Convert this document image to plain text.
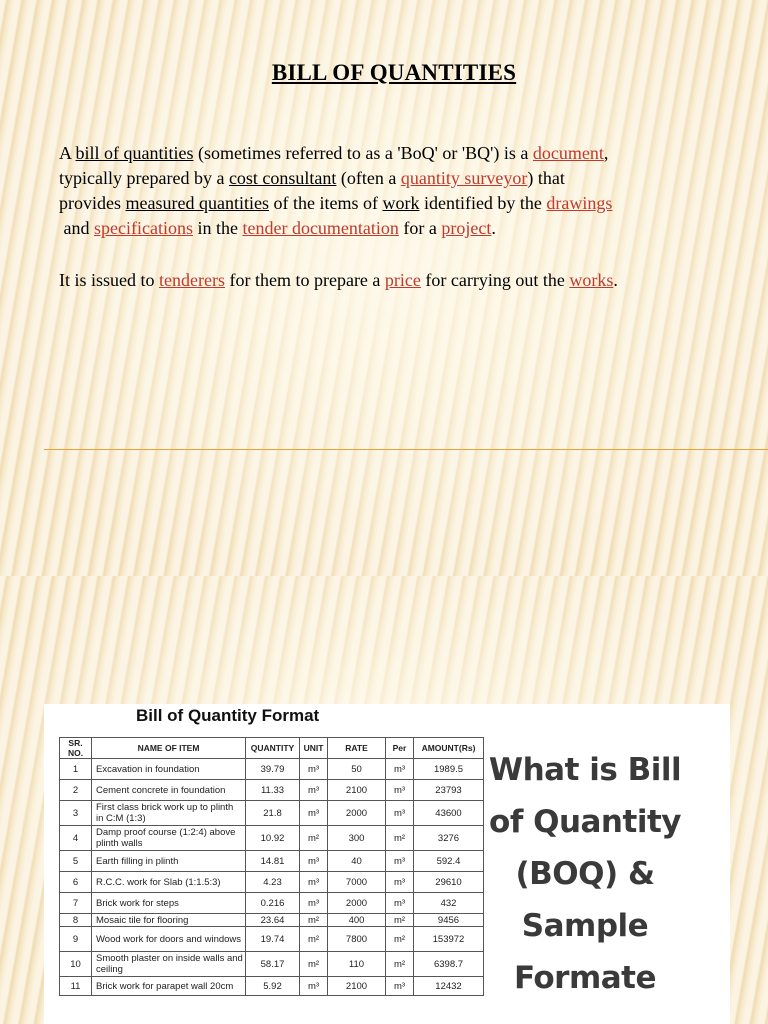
BILL OF QUANTITIES
A bill of quantities (sometimes referred to as a 'BoQ' or 'BQ') is a document,
typically prepared by a cost consultant (often a quantity surveyor) that
provides measured quantities of the items of work identified by the drawings
and specifications in the tender documentation for a project.
It is issued to tenderers for them to prepare a price for carrying out the works.
Bill of Quantity Format
SR. NO.	NAME OF ITEM	QUANTITY	UNIT	RATE	Per	AMOUNT(Rs)
1	Excavation in foundation	39.79	m³	50	m³	1989.5
2	Cement concrete in foundation	11.33	m³	2100	m³	23793
3	First class brick work up to plinth in C:M (1:3)	21.8	m³	2000	m³	43600
4	Damp proof course (1:2:4) above plinth walls	10.92	m²	300	m²	3276
5	Earth filling in plinth	14.81	m³	40	m³	592.4
6	R.C.C. work for Slab (1:1.5:3)	4.23	m³	7000	m³	29610
7	Brick work for steps	0.216	m³	2000	m³	432
8	Mosaic tile for flooring	23.64	m²	400	m²	9456
9	Wood work for doors and windows	19.74	m²	7800	m²	153972
10	Smooth plaster on inside walls and ceiling	58.17	m²	110	m²	6398.7
11	Brick work for parapet wall 20cm	5.92	m³	2100	m³	12432
What is Bill
of Quantity
(BOQ) &
Sample
Formate
